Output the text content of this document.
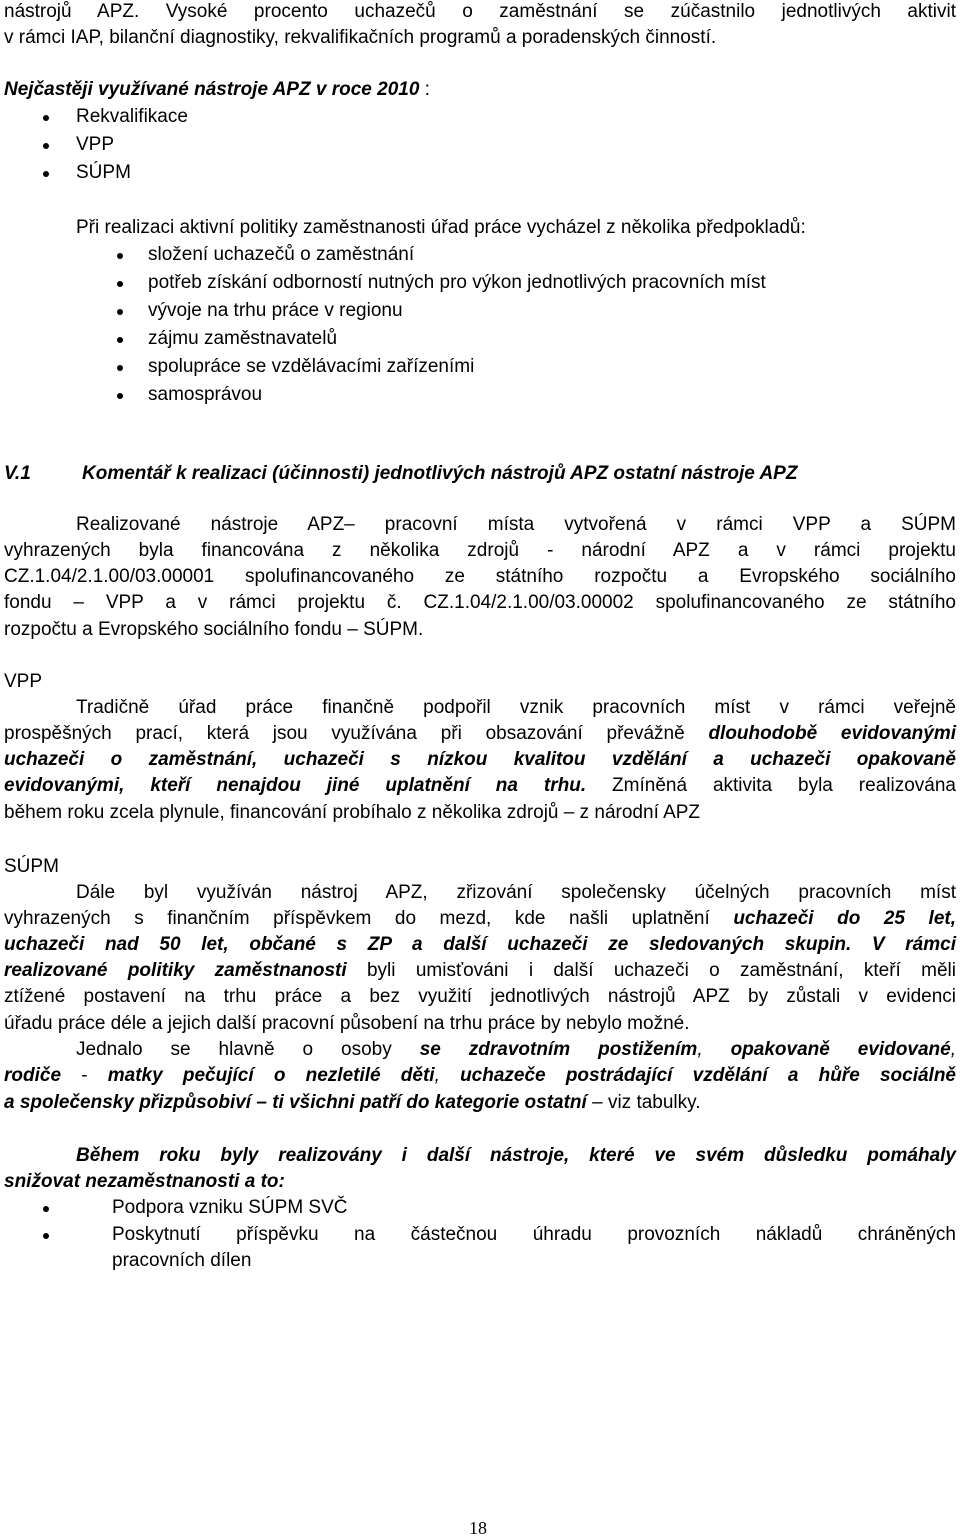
nástrojů APZ. Vysoké procento uchazečů o zaměstnání se zúčastnilo jednotlivých aktivit
v rámci IAP, bilanční diagnostiky, rekvalifikačních programů a poradenských činností.
Nejčastěji využívané nástroje APZ v roce 2010 :
Rekvalifikace
VPP
SÚPM
Při realizaci aktivní politiky zaměstnanosti úřad práce vycházel z několika předpokladů:
složení uchazečů o zaměstnání
potřeb získání odborností nutných pro výkon jednotlivých pracovních míst
vývoje na trhu práce v regionu
zájmu zaměstnavatelů
spolupráce se vzdělávacími zařízeními
samosprávou
V.1	Komentář k realizaci (účinnosti) jednotlivých nástrojů APZ ostatní nástroje APZ
Realizované nástroje APZ– pracovní místa vytvořená v rámci VPP a SÚPM
vyhrazených byla financována z několika zdrojů - národní APZ a v rámci projektu
CZ.1.04/2.1.00/03.00001 spolufinancovaného ze státního rozpočtu a Evropského sociálního
fondu – VPP a v rámci projektu č. CZ.1.04/2.1.00/03.00002 spolufinancovaného ze státního
rozpočtu a Evropského sociálního fondu – SÚPM.
VPP
Tradičně úřad práce finančně podpořil vznik pracovních míst v rámci veřejně
prospěšných prací, která jsou využívána při obsazování převážně dlouhodobě evidovanými
uchazeči o zaměstnání, uchazeči s nízkou kvalitou vzdělání a uchazeči opakovaně
evidovanými, kteří nenajdou jiné uplatnění na trhu. Zmíněná aktivita byla realizována
během roku zcela plynule, financování probíhalo z několika zdrojů – z národní APZ
SÚPM
Dále byl využíván nástroj APZ, zřizování společensky účelných pracovních míst
vyhrazených s finančním příspěvkem do mezd, kde našli uplatnění uchazeči do 25 let,
uchazeči nad 50 let, občané s ZP a další uchazeči ze sledovaných skupin. V rámci
realizované politiky zaměstnanosti byli umisťováni i další uchazeči o zaměstnání, kteří měli
ztížené postavení na trhu práce a bez využití jednotlivých nástrojů APZ by zůstali v evidenci
úřadu práce déle a jejich další pracovní působení na trhu práce by nebylo možné.
Jednalo se hlavně o osoby se zdravotním postižením, opakovaně evidované,
rodiče - matky pečující o nezletilé děti, uchazeče postrádající vzdělání a hůře sociálně
a společensky přizpůsobiví – ti všichni patří do kategorie ostatní – viz tabulky.
Během roku byly realizovány i další nástroje, které ve svém důsledku pomáhaly
snižovat nezaměstnanosti a to:
Podpora vzniku SÚPM SVČ
Poskytnutí příspěvku na částečnou úhradu provozních nákladů chráněných
pracovních dílen
18
